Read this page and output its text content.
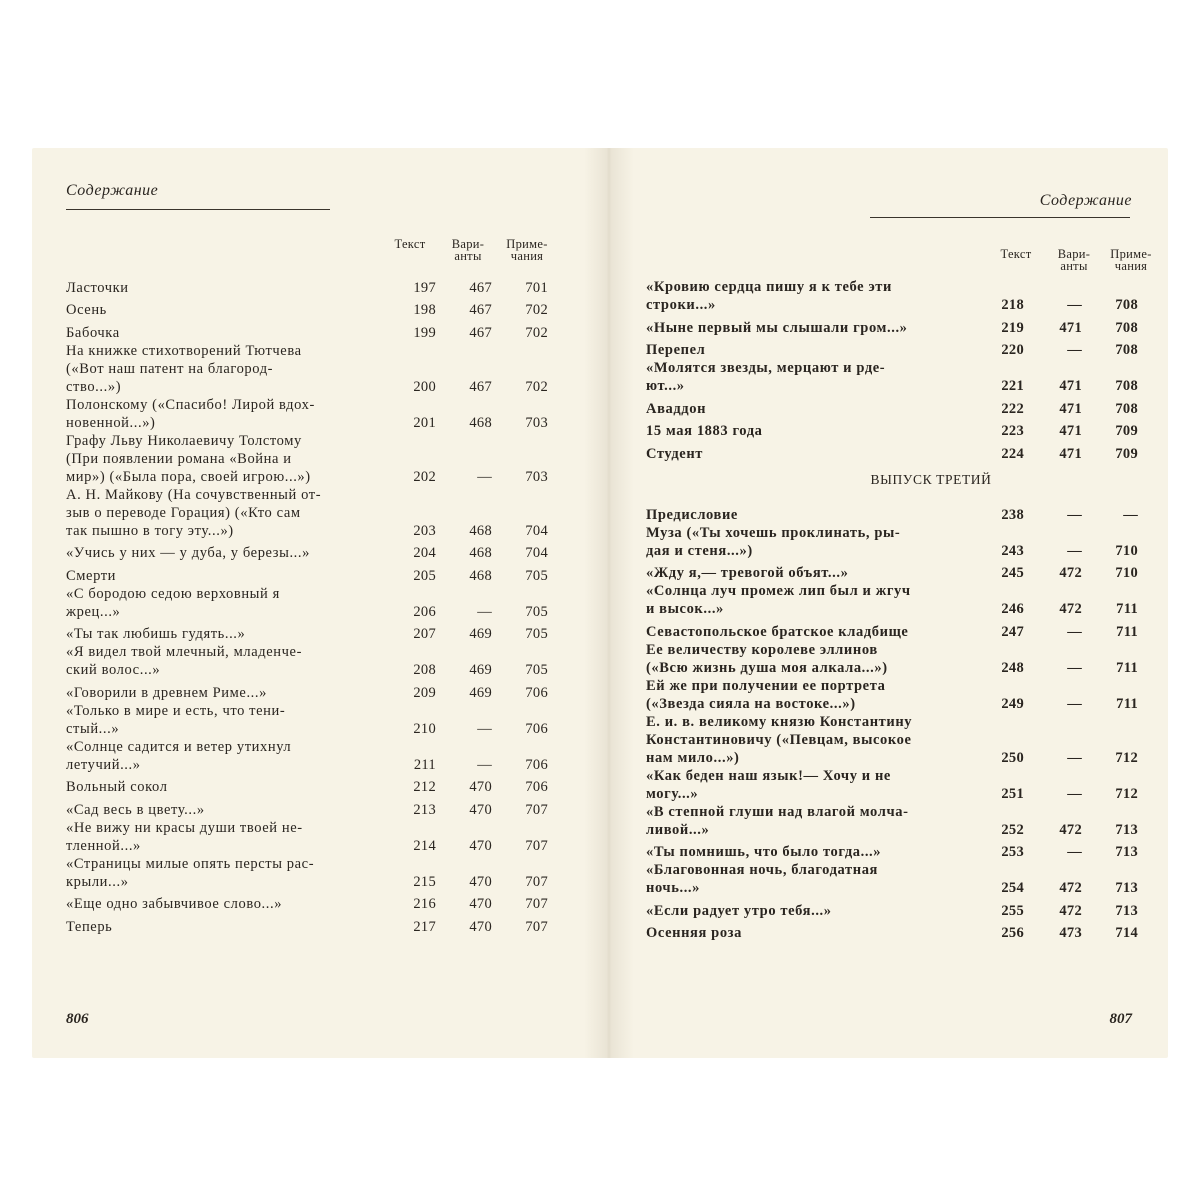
Содержание
Текст	Вари-
анты
Приме-
чания
Ласточки	197	467	701
Осень	198	467	702
Бабочка	199	467	702
На книжке стихотворений Тютчева
(«Вот наш патент на благород-
ство...»)	200	467	702
Полонскому («Спасибо! Лирой вдох-
новенной...»)	201	468	703
Графу Льву Николаевичу Толстому
(При появлении романа «Война и
мир») («Была пора, своей игрою...»)	202	—	703
А. Н. Майкову (На сочувственный от-
зыв о переводе Горация) («Кто сам
так пышно в тогу эту...»)	203	468	704
«Учись у них — у дуба, у березы...»	204	468	704
Смерти	205	468	705
«С бородою седою верховный я
жрец...»	206	—	705
«Ты так любишь гудять...»	207	469	705
«Я видел твой млечный, младенче-
ский волос...»	208	469	705
«Говорили в древнем Риме...»	209	469	706
«Только в мире и есть, что тени-
стый...»	210	—	706
«Солнце садится и ветер утихнул
летучий...»	211	—	706
Вольный сокол	212	470	706
«Сад весь в цвету...»	213	470	707
«Не вижу ни красы души твоей не-
тленной...»	214	470	707
«Страницы милые опять персты рас-
крыли...»	215	470	707
«Еще одно забывчивое слово...»	216	470	707
Теперь	217	470	707
806
Содержание
Текст	Вари-
анты
Приме-
чания
«Кровию сердца пишу я к тебе эти
строки...»	218	—	708
«Ныне первый мы слышали гром...»	219	471	708
Перепел	220	—	708
«Молятся звезды, мерцают и рде-
ют...»	221	471	708
Аваддон	222	471	708
15 мая 1883 года	223	471	709
Студент	224	471	709
ВЫПУСК ТРЕТИЙ
Предисловие	238	—	—
Муза («Ты хочешь проклинать, ры-
дая и стеня...»)	243	—	710
«Жду я,— тревогой объят...»	245	472	710
«Солнца луч промеж лип был и жгуч
и высок...»	246	472	711
Севастопольское братское кладбище	247	—	711
Ее величеству королеве эллинов
(«Всю жизнь душа моя алкала...»)	248	—	711
Ей же при получении ее портрета
(«Звезда сияла на востоке...»)	249	—	711
Е. и. в. великому князю Константину
Константиновичу («Певцам, высокое
нам мило...»)	250	—	712
«Как беден наш язык!— Хочу и не
могу...»	251	—	712
«В степной глуши над влагой молча-
ливой...»	252	472	713
«Ты помнишь, что было тогда...»	253	—	713
«Благовонная ночь, благодатная
ночь...»	254	472	713
«Если радует утро тебя...»	255	472	713
Осенняя роза	256	473	714
807
